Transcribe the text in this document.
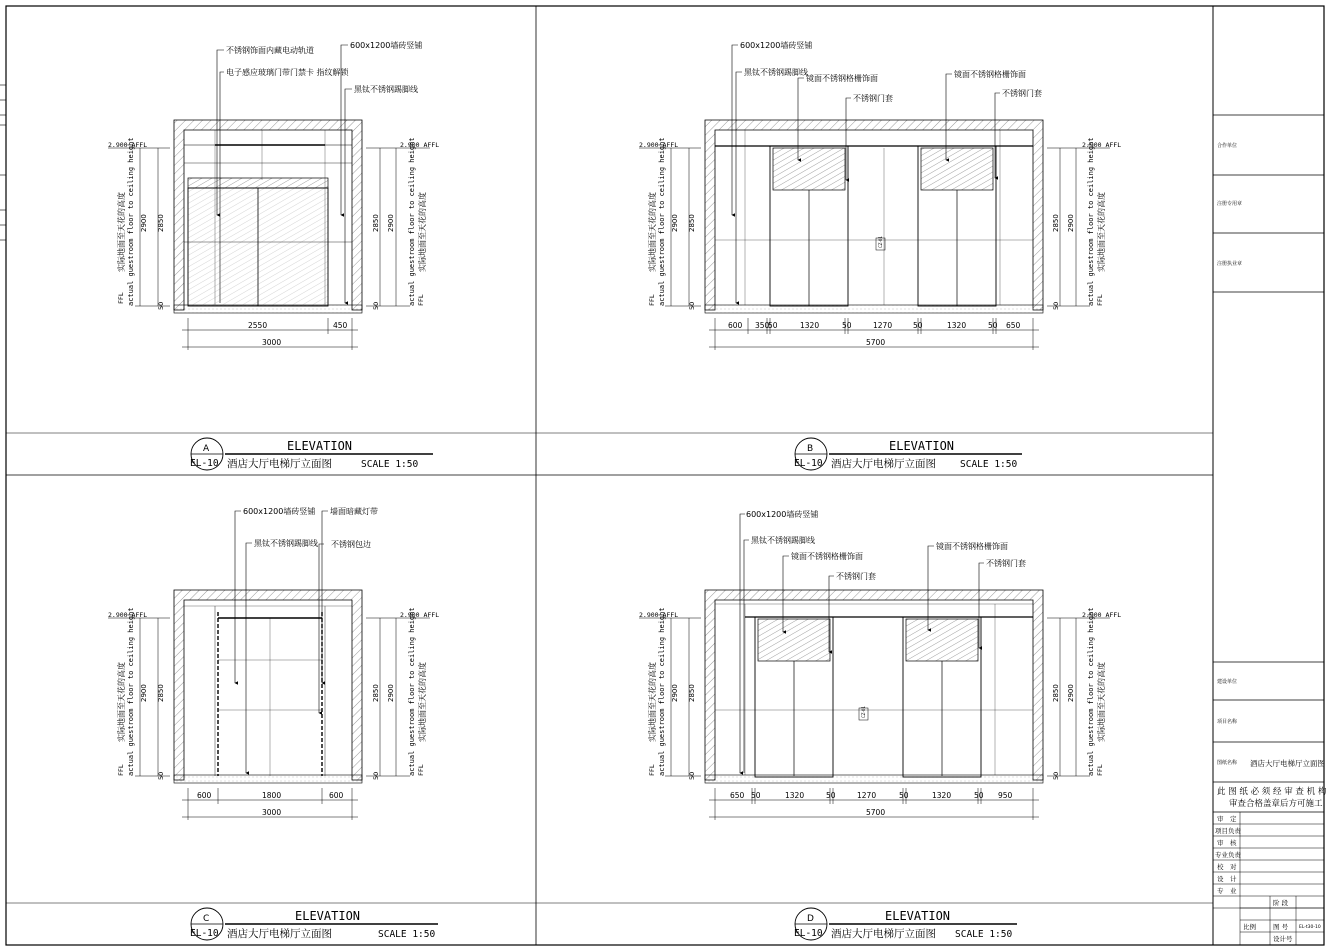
不锈钢饰面内藏电动轨道
电子感应玻璃门带门禁卡 指纹解锁
600x1200墙砖竖铺
黑钛不锈钢踢脚线
2.900 AFFL
FFL
2900 2850
50
实际地面至天花的高度 actual guestroom floor to ceiling height	2.900 AFFL
2850 2900
50	actual guestroom floor to ceiling height 实际地面至天花的高度
FFL
2550	450
3000
A
EL-10
ELEVATION
酒店大厅电梯厅立面图	SCALE 1:50
CZ-01
600x1200墙砖竖铺
黑钛不锈钢踢脚线
镜面不锈钢格栅饰面
不锈钢门套
镜面不锈钢格栅饰面
不锈钢门套
2.900 AFFL
2900 2850
50
实际地面至天花的高度 actual guestroom floor to ceiling height
FFL
2.900 AFFL
2850 2900
50	actual guestroom floor to ceiling height 实际地面至天花的高度
FFL
600 350
50	1320	50	1270	50	1320	50 650
5700
B
EL-10
ELEVATION
酒店大厅电梯厅立面图	SCALE 1:50
600x1200墙砖竖铺
黑钛不锈钢踢脚线
墙面暗藏灯带
不锈钢包边
2.900 AFFL
2900 2850
50
实际地面至天花的高度 actual guestroom floor to ceiling height
FFL
2.900 AFFL
2850 2900
50	actual guestroom floor to ceiling height 实际地面至天花的高度
FFL
600	1800	600
3000
C
EL-10
ELEVATION
酒店大厅电梯厅立面图	SCALE 1:50
CZ-01
600x1200墙砖竖铺
黑钛不锈钢踢脚线
镜面不锈钢格栅饰面
不锈钢门套
镜面不锈钢格栅饰面
不锈钢门套
2.900 AFFL
2900 2850
50
实际地面至天花的高度 actual guestroom floor to ceiling height
FFL
2.900 AFFL
2850 2900
50	actual guestroom floor to ceiling height 实际地面至天花的高度
FFL
650 50	1320	50	1270	50	1320	50 950
5700
D
EL-10
ELEVATION
酒店大厅电梯厅立面图 SCALE 1:50
合作单位
注册专用章
注册执业章
建设单位
项目名称
图纸名称 酒店大厅电梯厅立面图
此 图 纸 必 须 经 审 查 机 构
审查合格盖章后方可施工
审　定
项目负责
审　核
专业负责
校　对
设　计
专　业
阶 段
比例	图 号 EL-t30-10
设计号
